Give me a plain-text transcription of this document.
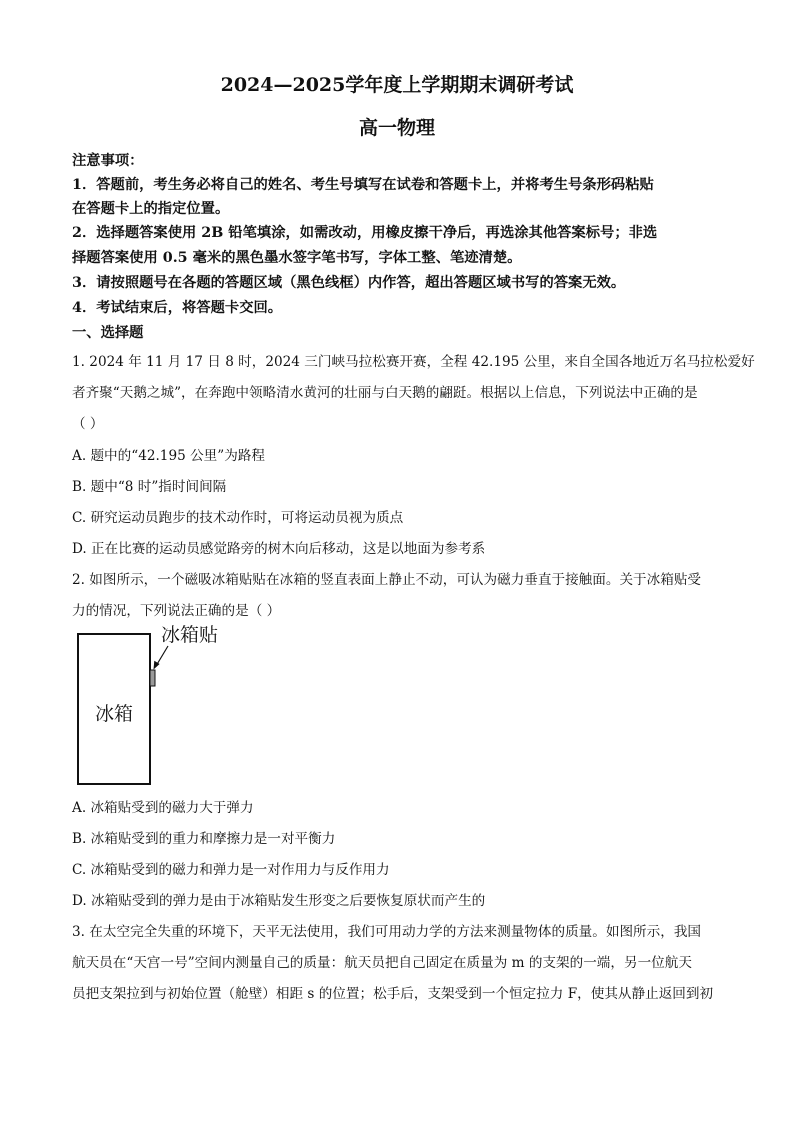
2024—2025学年度上学期期末调研考试
高一物理
注意事项：
1．答题前，考生务必将自己的姓名、考生号填写在试卷和答题卡上，并将考生号条形码粘贴
在答题卡上的指定位置。
2．选择题答案使用 2B 铅笔填涂，如需改动，用橡皮擦干净后，再选涂其他答案标号；非选
择题答案使用 0.5 毫米的黑色墨水签字笔书写，字体工整、笔迹清楚。
3．请按照题号在各题的答题区域（黑色线框）内作答，超出答题区域书写的答案无效。
4．考试结束后，将答题卡交回。
一、选择题
1. 2024 年 11 月 17 日 8 时，2024 三门峡马拉松赛开赛，全程 42.195 公里，来自全国各地近万名马拉松爱好
者齐聚“天鹅之城”，在奔跑中领略清水黄河的壮丽与白天鹅的翩跹。根据以上信息，下列说法中正确的是
（ ）
A. 题中的“42.195 公里”为路程
B. 题中“8 时”指时间间隔
C. 研究运动员跑步的技术动作时，可将运动员视为质点
D. 正在比赛的运动员感觉路旁的树木向后移动，这是以地面为参考系
2. 如图所示，一个磁吸冰箱贴贴在冰箱的竖直表面上静止不动，可认为磁力垂直于接触面。关于冰箱贴受
力的情况，下列说法正确的是（ ）
冰箱
冰箱贴
A. 冰箱贴受到的磁力大于弹力
B. 冰箱贴受到的重力和摩擦力是一对平衡力
C. 冰箱贴受到的磁力和弹力是一对作用力与反作用力
D. 冰箱贴受到的弹力是由于冰箱贴发生形变之后要恢复原状而产生的
3. 在太空完全失重的环境下，天平无法使用，我们可用动力学的方法来测量物体的质量。如图所示，我国
航天员在“天宫一号”空间内测量自己的质量：航天员把自己固定在质量为 m 的支架的一端，另一位航天
员把支架拉到与初始位置（舱壁）相距 s 的位置；松手后，支架受到一个恒定拉力 F，使其从静止返回到初
